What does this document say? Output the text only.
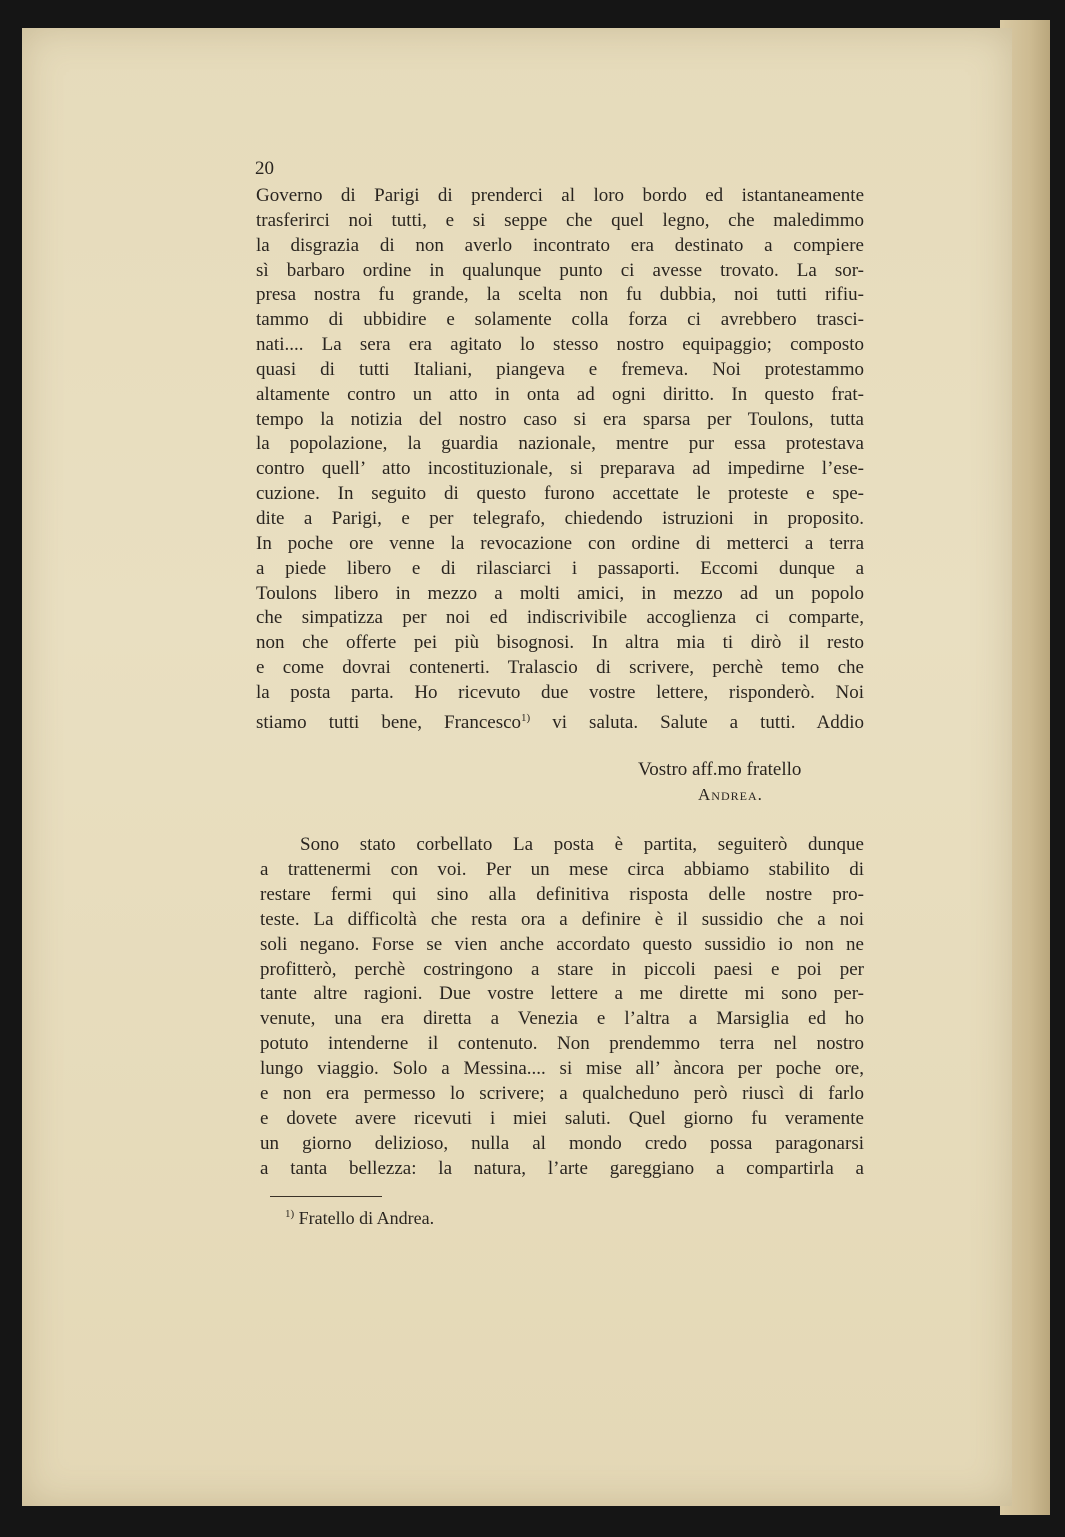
20
Governo di Parigi di prenderci al loro bordo ed istantaneamente
trasferirci noi tutti, e si seppe che quel legno, che maledimmo
la disgrazia di non averlo incontrato era destinato a compiere
sì barbaro ordine in qualunque punto ci avesse trovato. La sor-
presa nostra fu grande, la scelta non fu dubbia, noi tutti rifiu-
tammo di ubbidire e solamente colla forza ci avrebbero trasci-
nati.... La sera era agitato lo stesso nostro equipaggio; composto
quasi di tutti Italiani, piangeva e fremeva. Noi protestammo
altamente contro un atto in onta ad ogni diritto. In questo frat-
tempo la notizia del nostro caso si era sparsa per Toulons, tutta
la popolazione, la guardia nazionale, mentre pur essa protestava
contro quell’ atto incostituzionale, si preparava ad impedirne l’ese-
cuzione. In seguito di questo furono accettate le proteste e spe-
dite a Parigi, e per telegrafo, chiedendo istruzioni in proposito.
In poche ore venne la revocazione con ordine di metterci a terra
a piede libero e di rilasciarci i passaporti. Eccomi dunque a
Toulons libero in mezzo a molti amici, in mezzo ad un popolo
che simpatizza per noi ed indiscrivibile accoglienza ci comparte,
non che offerte pei più bisognosi. In altra mia ti dirò il resto
e come dovrai contenerti. Tralascio di scrivere, perchè temo che
la posta parta. Ho ricevuto due vostre lettere, risponderò. Noi
stiamo tutti bene, Francesco$^{1)}$ vi saluta. Salute a tutti. Addio
Vostro aff.mo fratello
Andrea.
Sono stato corbellato La posta è partita, seguiterò dunque
a trattenermi con voi. Per un mese circa abbiamo stabilito di
restare fermi qui sino alla definitiva risposta delle nostre pro-
teste. La difficoltà che resta ora a definire è il sussidio che a noi
soli negano. Forse se vien anche accordato questo sussidio io non ne
profitterò, perchè costringono a stare in piccoli paesi e poi per
tante altre ragioni. Due vostre lettere a me dirette mi sono per-
venute, una era diretta a Venezia e l’altra a Marsiglia ed ho
potuto intenderne il contenuto. Non prendemmo terra nel nostro
lungo viaggio. Solo a Messina.... si mise all’ àncora per poche ore,
e non era permesso lo scrivere; a qualcheduno però riuscì di farlo
e dovete avere ricevuti i miei saluti. Quel giorno fu veramente
un giorno delizioso, nulla al mondo credo possa paragonarsi
a tanta bellezza: la natura, l’arte gareggiano a compartirla a
$^{1)}$ Fratello di Andrea.
